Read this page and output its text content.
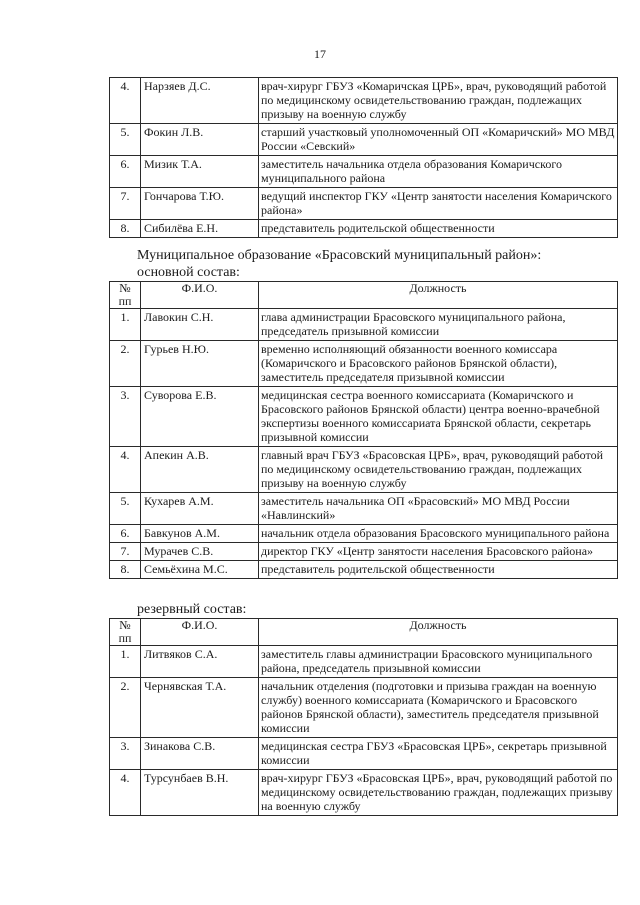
17
4.	Нарзяев Д.С.	врач-хирург ГБУЗ «Комаричская ЦРБ», врач, руководящий работой по медицинскому освидетельствованию граждан, подлежащих призыву на военную службу
5.	Фокин Л.В.	старший участковый уполномоченный ОП «Комаричский» МО МВД России «Севский»
6.	Мизик Т.А.	заместитель начальника отдела образования Комаричского муниципального района
7.	Гончарова Т.Ю.	ведущий инспектор ГКУ «Центр занятости населения Комаричского района»
8.	Сибилёва Е.Н.	представитель родительской общественности
Муниципальное образование «Брасовский муниципальный район»:
основной состав:
№ пп	Ф.И.О.	Должность
1.	Лавокин С.Н.	глава администрации Брасовского муниципального района, председатель призывной комиссии
2.	Гурьев Н.Ю.	временно исполняющий обязанности военного комиссара (Комаричского и Брасовского районов Брянской области), заместитель председателя призывной комиссии
3.	Суворова Е.В.	медицинская сестра военного комиссариата (Комаричского и Брасовского районов Брянской области) центра военно-врачебной экспертизы военного комиссариата Брянской области, секретарь призывной комиссии
4.	Апекин А.В.	главный врач ГБУЗ «Брасовская ЦРБ», врач, руководящий работой по медицинскому освидетельствованию граждан, подлежащих призыву на военную службу
5.	Кухарев А.М.	заместитель начальника ОП «Брасовский» МО МВД России «Навлинский»
6.	Бавкунов А.М.	начальник отдела образования Брасовского муниципального района
7.	Мурачев С.В.	директор ГКУ «Центр занятости населения Брасовского района»
8.	Семьёхина М.С.	представитель родительской общественности
резервный состав:
№ пп	Ф.И.О.	Должность
1.	Литвяков С.А.	заместитель главы администрации Брасовского муниципального района, председатель призывной комиссии
2.	Чернявская Т.А.	начальник отделения (подготовки и призыва граждан на военную службу) военного комиссариата (Комаричского и Брасовского районов Брянской области), заместитель председателя призывной комиссии
3.	Зинакова С.В.	медицинская сестра ГБУЗ «Брасовская ЦРБ», секретарь призывной комиссии
4.	Турсунбаев В.Н.	врач-хирург ГБУЗ «Брасовская ЦРБ», врач, руководящий работой по медицинскому освидетельствованию граждан, подлежащих призыву на военную службу
